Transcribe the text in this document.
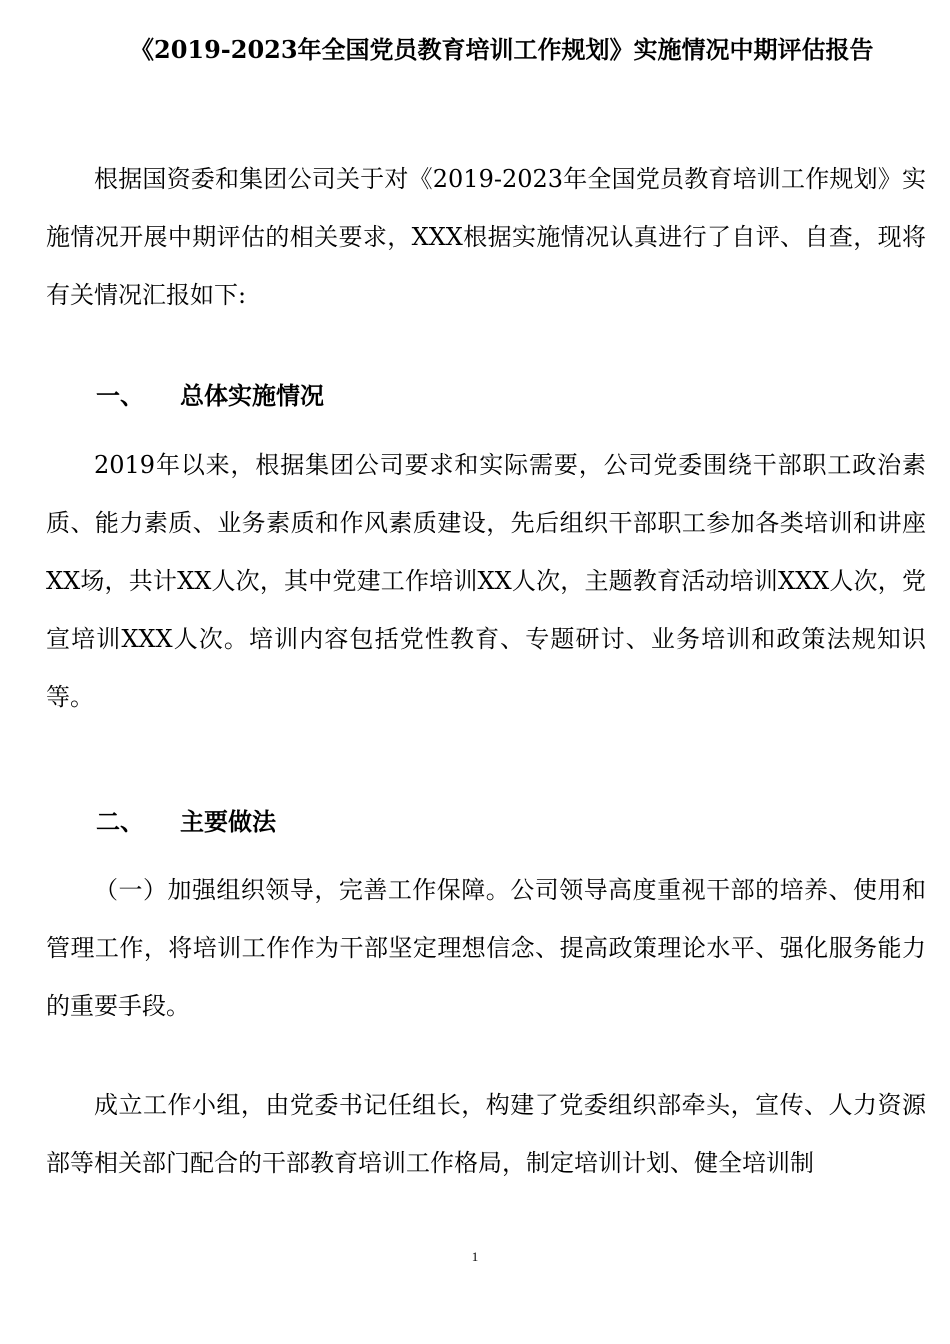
《2019-2023年全国党员教育培训工作规划》实施情况中期评估报告
根据国资委和集团公司关于对《2019-2023年全国党员教育培训工作规划》实施情况开展中期评估的相关要求，XXX根据实施情况认真进行了自评、自查，现将有关情况汇报如下:
一、 总体实施情况
2019年以来，根据集团公司要求和实际需要，公司党委围绕干部职工政治素质、能力素质、业务素质和作风素质建设，先后组织干部职工参加各类培训和讲座XX场，共计XX人次，其中党建工作培训XX人次，主题教育活动培训XXX人次，党宣培训XXX人次。培训内容包括党性教育、专题研讨、业务培训和政策法规知识等。
二、 主要做法
（一）加强组织领导，完善工作保障。公司领导高度重视干部的培养、使用和管理工作，将培训工作作为干部坚定理想信念、提高政策理论水平、强化服务能力的重要手段。
成立工作小组，由党委书记任组长，构建了党委组织部牵头，宣传、人力资源部等相关部门配合的干部教育培训工作格局，制定培训计划、健全培训制
1
